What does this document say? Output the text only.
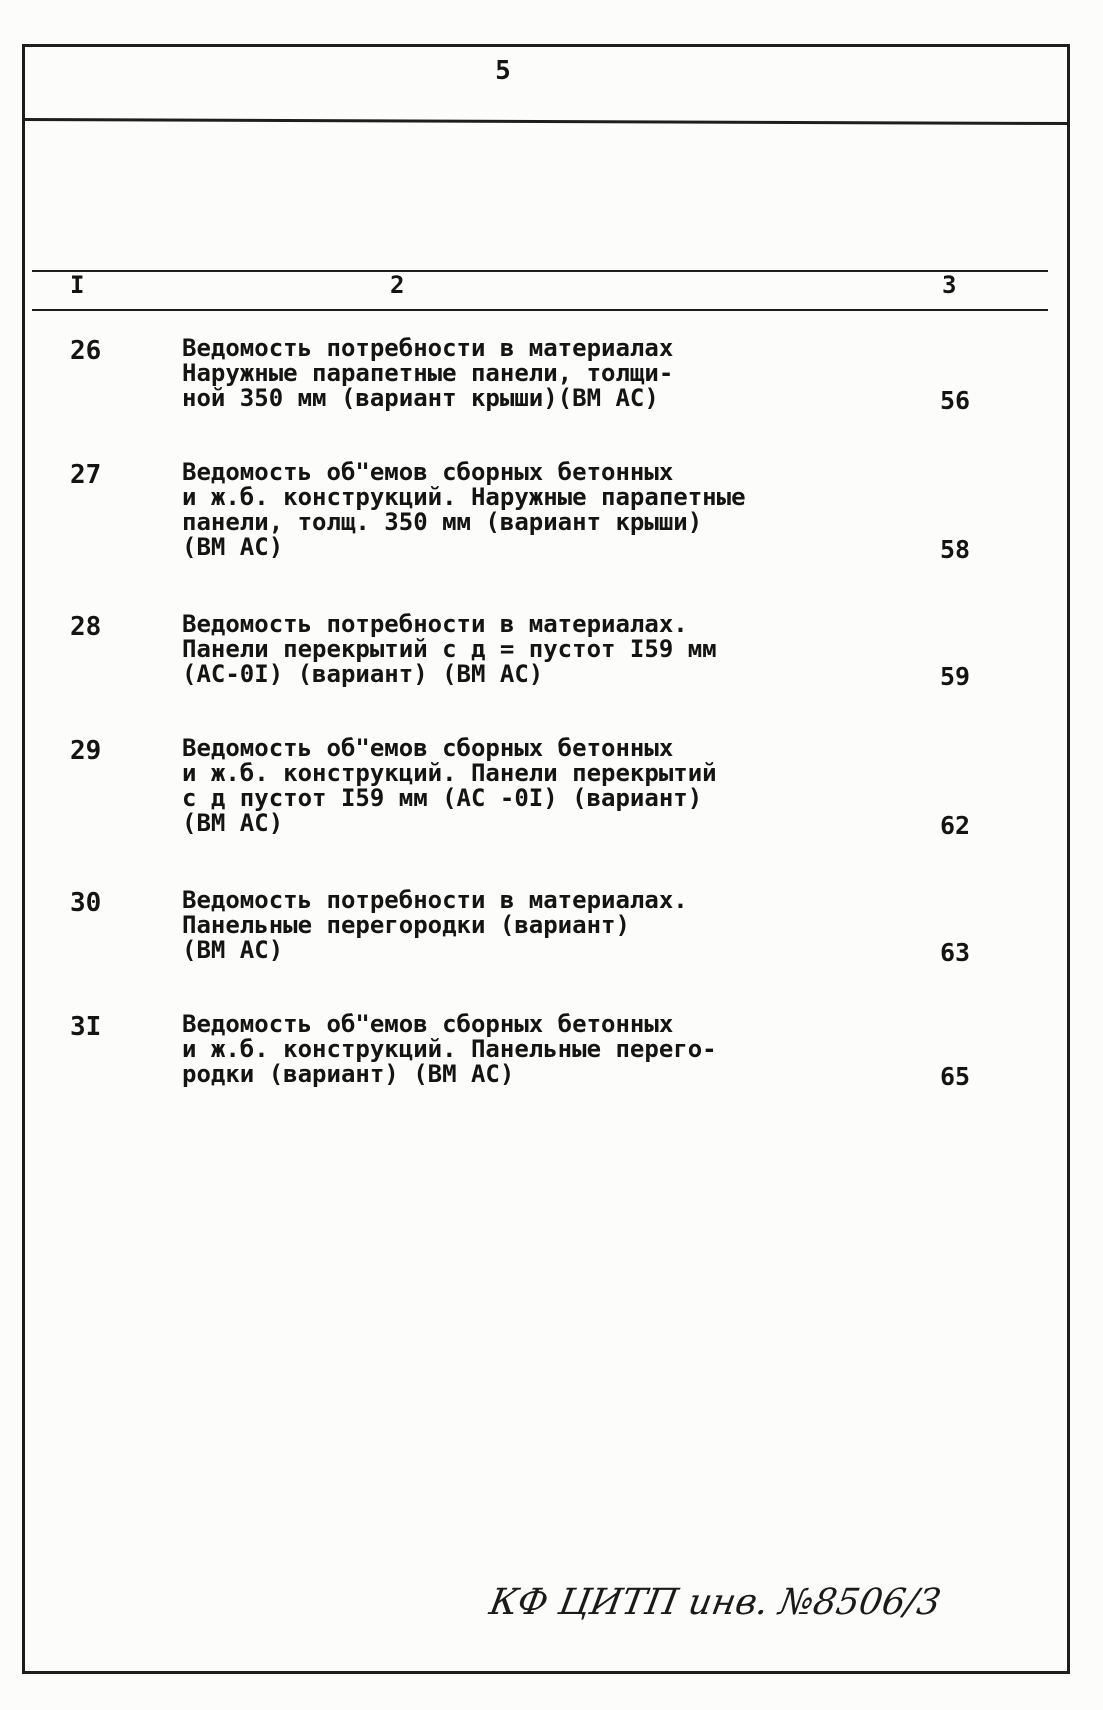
5
I	2	3
26	Ведомость потребности в материалах
Наружные парапетные панели, толщи-
ной 350 мм (вариант крыши)(ВМ АС)	56
27	Ведомость об"емов сборных бетонных
и ж.б. конструкций. Наружные парапетные
панели, толщ. 350 мм (вариант крыши)
(ВМ АС)	58
28	Ведомость потребности в материалах.
Панели перекрытий с д = пустот I59 мм
(АС-0I) (вариант) (ВМ АС)	59
29	Ведомость об"емов сборных бетонных
и ж.б. конструкций. Панели перекрытий
с д пустот I59 мм (АС -0I) (вариант)
(ВМ АС)	62
30	Ведомость потребности в материалах.
Панельные перегородки (вариант)
(ВМ АС)	63
3I	Ведомость об"емов сборных бетонных
и ж.б. конструкций. Панельные перего-
родки (вариант) (ВМ АС)	65
КФ ЦИТП инв. №8506/3
